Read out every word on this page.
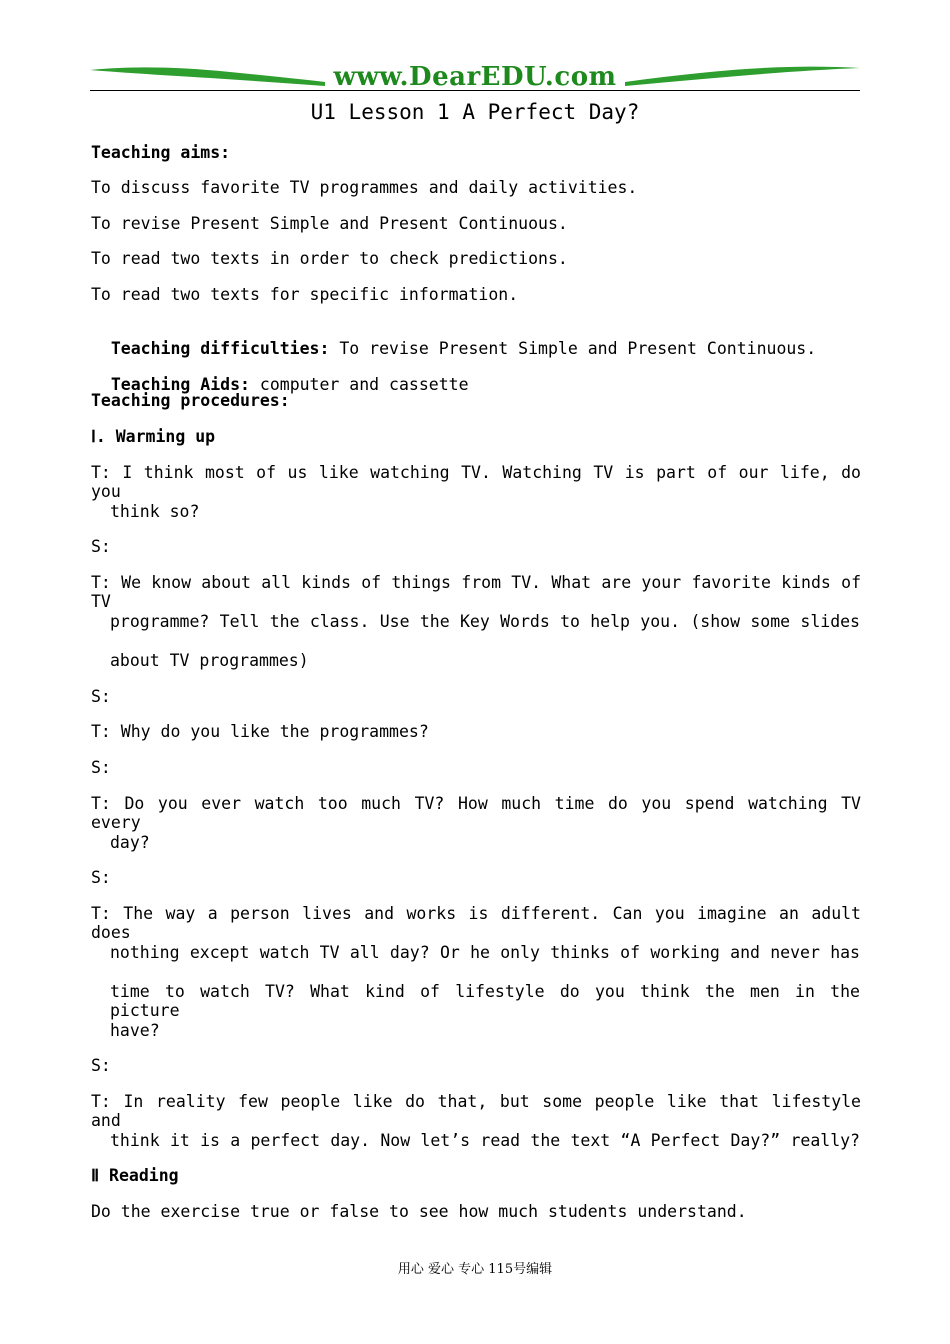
www.DearEDU.com
U1 Lesson 1 A Perfect Day?
Teaching aims:
To discuss favorite TV programmes and daily activities.
To revise Present Simple and Present Continuous.
To read two texts in order to check predictions.
To read two texts for specific information.

Teaching difficulties: To revise Present Simple and Present Continuous.

Teaching Aids: computer and cassette

Teaching procedures:
Ⅰ. Warming up
T: I think most of us like watching TV. Watching TV is part of our life, do you
think so?
S:
T: We know about all kinds of things from TV. What are your favorite kinds of TV
programme? Tell the class. Use the Key Words to help you. (show some slides
about TV programmes)
S:
T: Why do you like the programmes?
S:
T: Do you ever watch too much TV? How much time do you spend watching TV every
day?
S:
T: The way a person lives and works is different. Can you imagine an adult does
nothing except watch TV all day? Or he only thinks of working and never has
time to watch TV? What kind of lifestyle do you think the men in the picture
have?
S:
T: In reality few people like do that, but some people like that lifestyle and
think it is a perfect day. Now let’s read the text “A Perfect Day?” really?
Ⅱ Reading
Do the exercise true or false to see how much students understand.
用心 爱心 专心 115号编辑
